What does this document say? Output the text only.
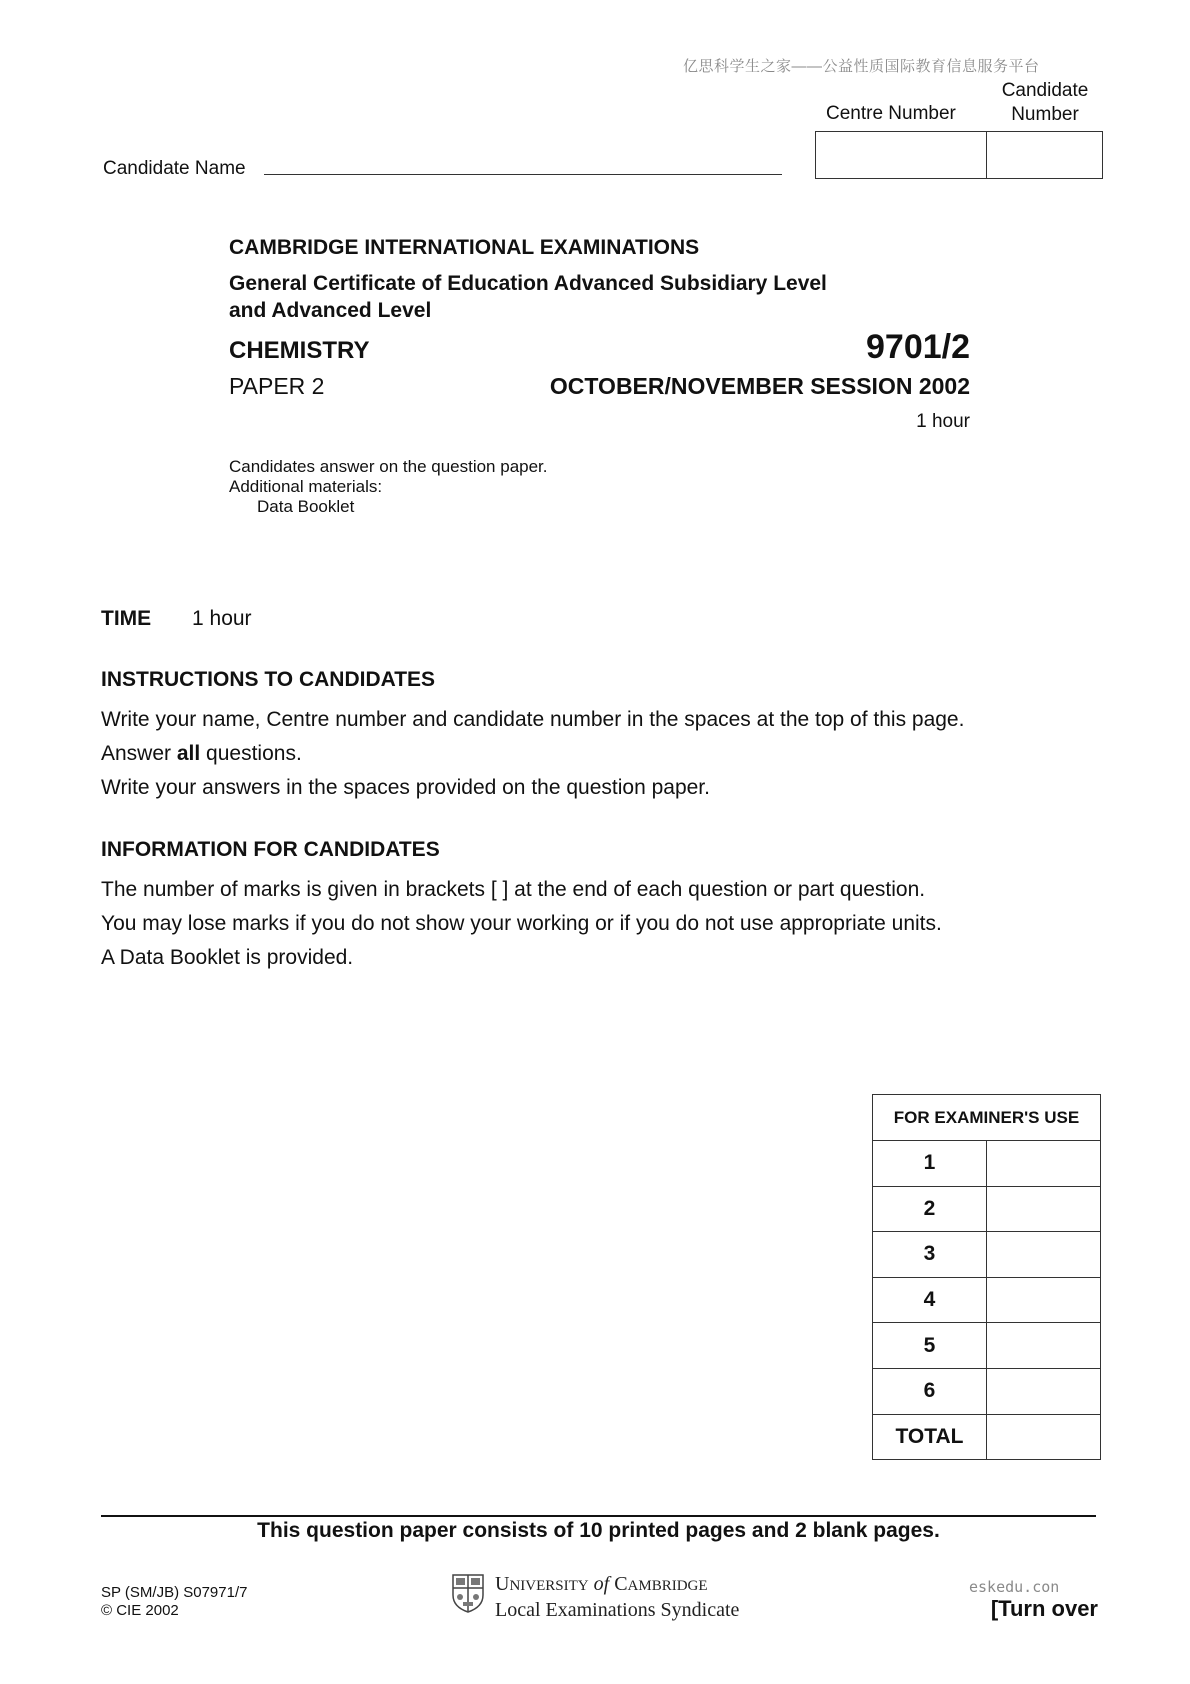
亿思科学生之家——公益性质国际教育信息服务平台
Candidate Number
Centre Number
Candidate Name
CAMBRIDGE INTERNATIONAL EXAMINATIONS
General Certificate of Education Advanced Subsidiary Level
and Advanced Level
CHEMISTRY	9701/2
PAPER 2	OCTOBER/NOVEMBER SESSION 2002
1 hour
Candidates answer on the question paper.
Additional materials:
Data Booklet
TIME 1 hour
INSTRUCTIONS TO CANDIDATES
Write your name, Centre number and candidate number in the spaces at the top of this page.
Answer all questions.
Write your answers in the spaces provided on the question paper.
INFORMATION FOR CANDIDATES
The number of marks is given in brackets [ ] at the end of each question or part question.
You may lose marks if you do not show your working or if you do not use appropriate units.
A Data Booklet is provided.
FOR EXAMINER'S USE	
1	
2	
3	
4	
5	
6	
TOTAL	
This question paper consists of 10 printed pages and 2 blank pages.
SP (SM/JB) S07971/7
© CIE 2002
UNIVERSITY of CAMBRIDGE
Local Examinations Syndicate
eskedu.con
[Turn over
